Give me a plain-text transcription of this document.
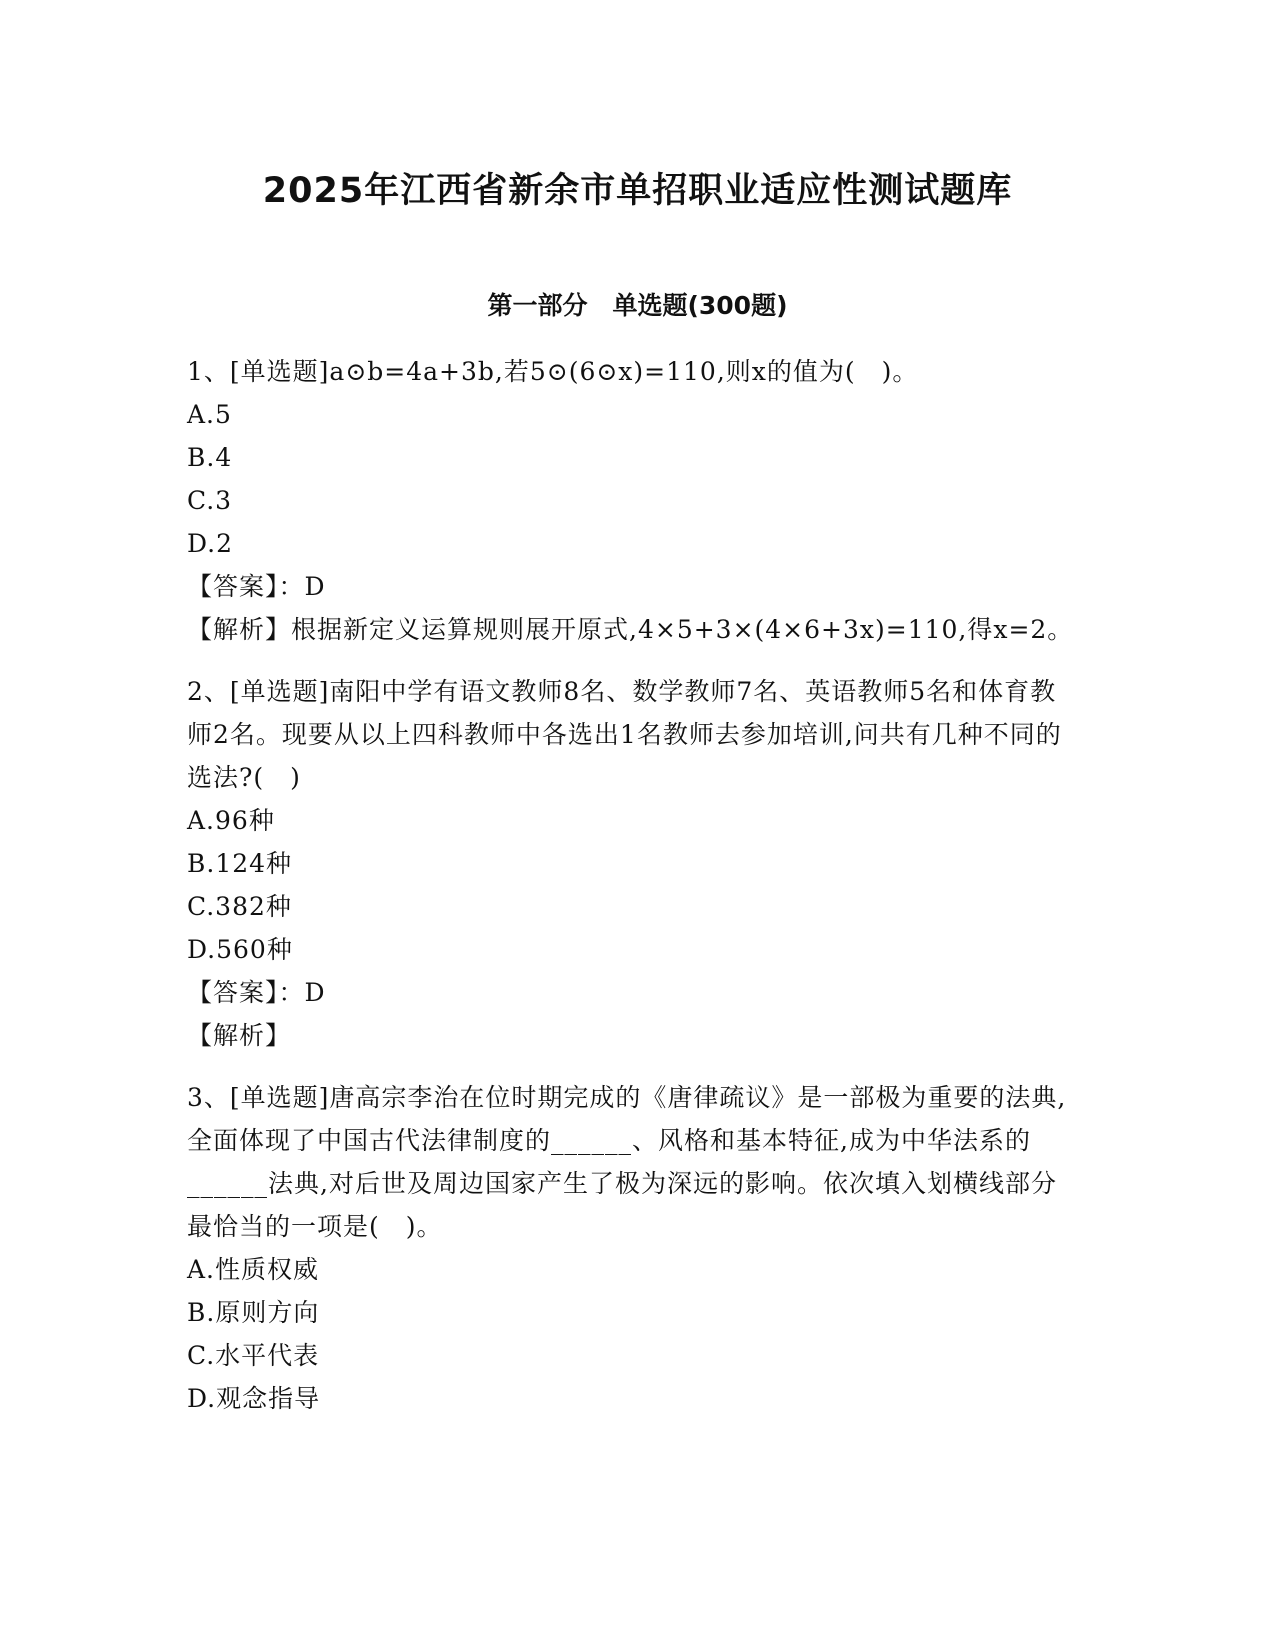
2025年江西省新余市单招职业适应性测试题库
第一部分　单选题(300题)
1、[单选题]a⊙b=4a+3b,若5⊙(6⊙x)=110,则x的值为(　)。
A.5
B.4
C.3
D.2
【答案】：D
【解析】根据新定义运算规则展开原式,4×5+3×(4×6+3x)=110,得x=2。
2、[单选题]南阳中学有语文教师8名、数学教师7名、英语教师5名和体育教师2名。现要从以上四科教师中各选出1名教师去参加培训,问共有几种不同的选法?(　)
A.96种
B.124种
C.382种
D.560种
【答案】：D
【解析】
3、[单选题]唐高宗李治在位时期完成的《唐律疏议》是一部极为重要的法典,全面体现了中国古代法律制度的______、风格和基本特征,成为中华法系的______法典,对后世及周边国家产生了极为深远的影响。依次填入划横线部分最恰当的一项是(　)。
A.性质权威
B.原则方向
C.水平代表
D.观念指导
